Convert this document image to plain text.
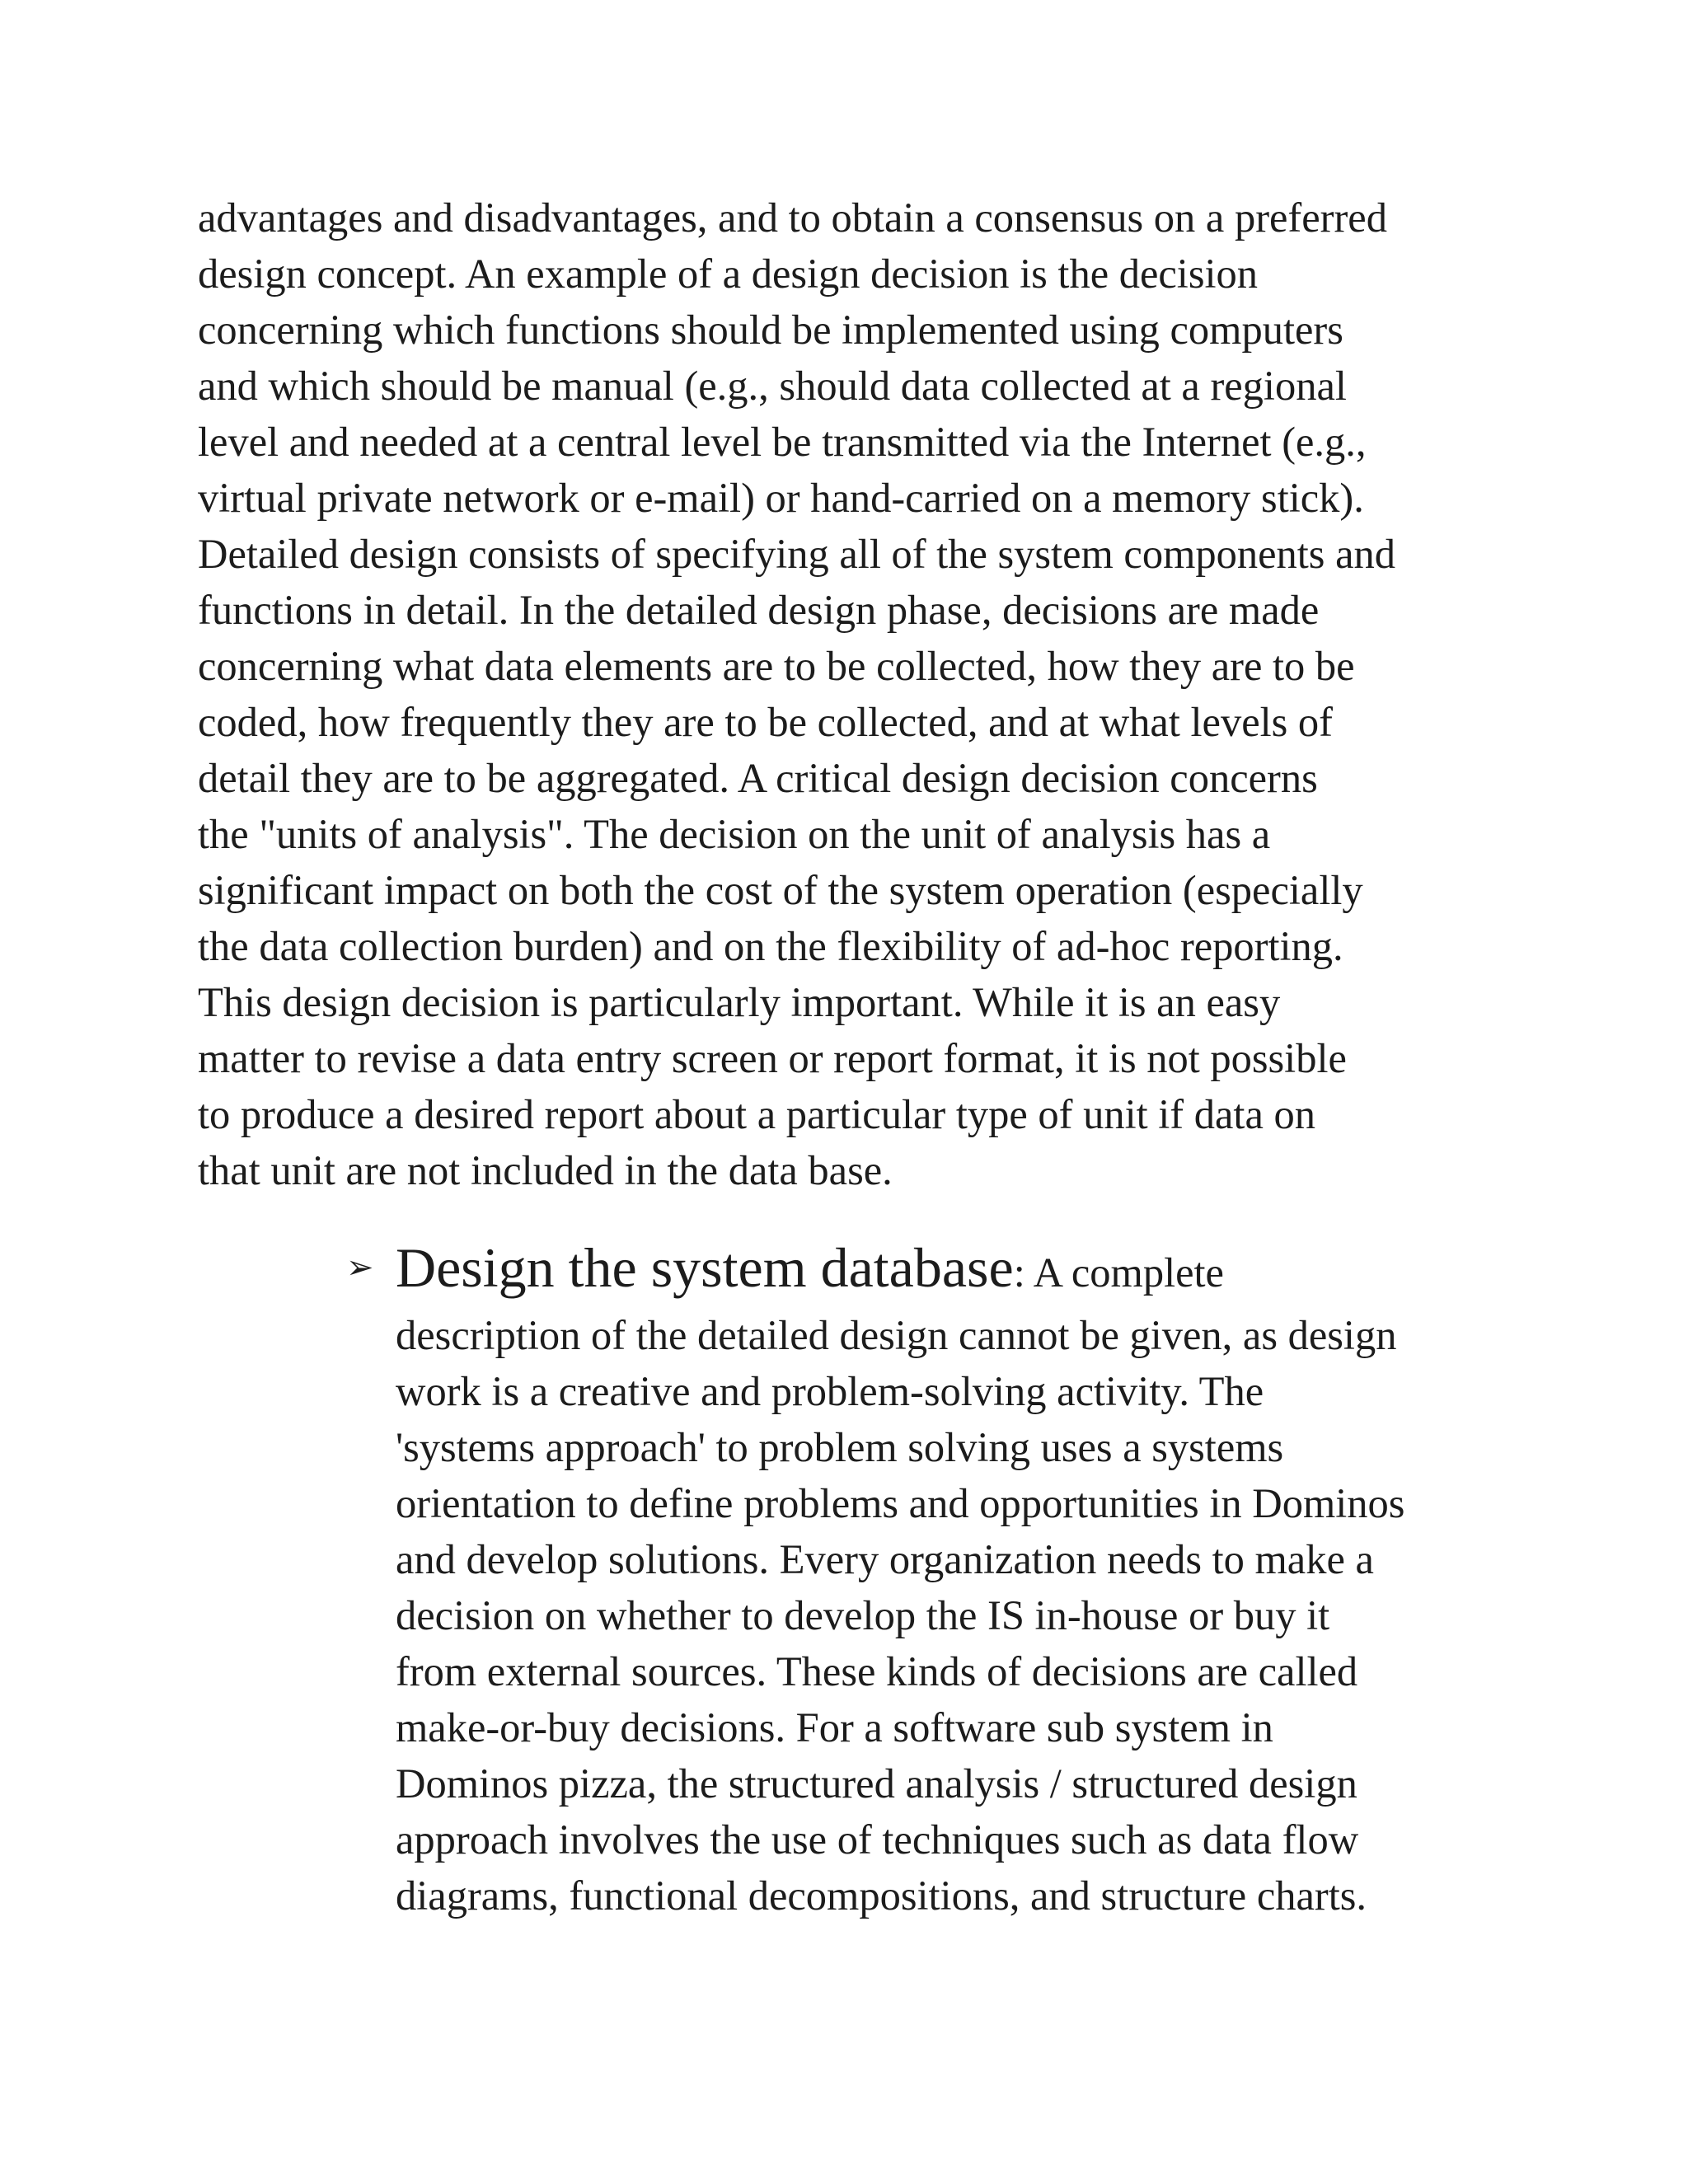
advantages and disadvantages, and to obtain a consensus on a preferred
design concept. An example of a design decision is the decision
concerning which functions should be implemented using computers
and which should be manual (e.g., should data collected at a regional
level and needed at a central level be transmitted via the Internet (e.g.,
virtual private network or e-mail) or hand-carried on a memory stick).
Detailed design consists of specifying all of the system components and
functions in detail. In the detailed design phase, decisions are made
concerning what data elements are to be collected, how they are to be
coded, how frequently they are to be collected, and at what levels of
detail they are to be aggregated. A critical design decision concerns
the "units of analysis". The decision on the unit of analysis has a
significant impact on both the cost of the system operation (especially
the data collection burden) and on the flexibility of ad-hoc reporting.
This design decision is particularly important. While it is an easy
matter to revise a data entry screen or report format, it is not possible
to produce a desired report about a particular type of unit if data on
that unit are not included in the data base.

➢ Design the system database: A complete

description of the detailed design cannot be given, as design
work is a creative and problem-solving activity. The
'systems approach' to problem solving uses a systems
orientation to define problems and opportunities in Dominos
and develop solutions. Every organization needs to make a
decision on whether to develop the IS in-house or buy it
from external sources. These kinds of decisions are called
make-or-buy decisions. For a software sub system in
Dominos pizza, the structured analysis / structured design
approach involves the use of techniques such as data flow
diagrams, functional decompositions, and structure charts.
